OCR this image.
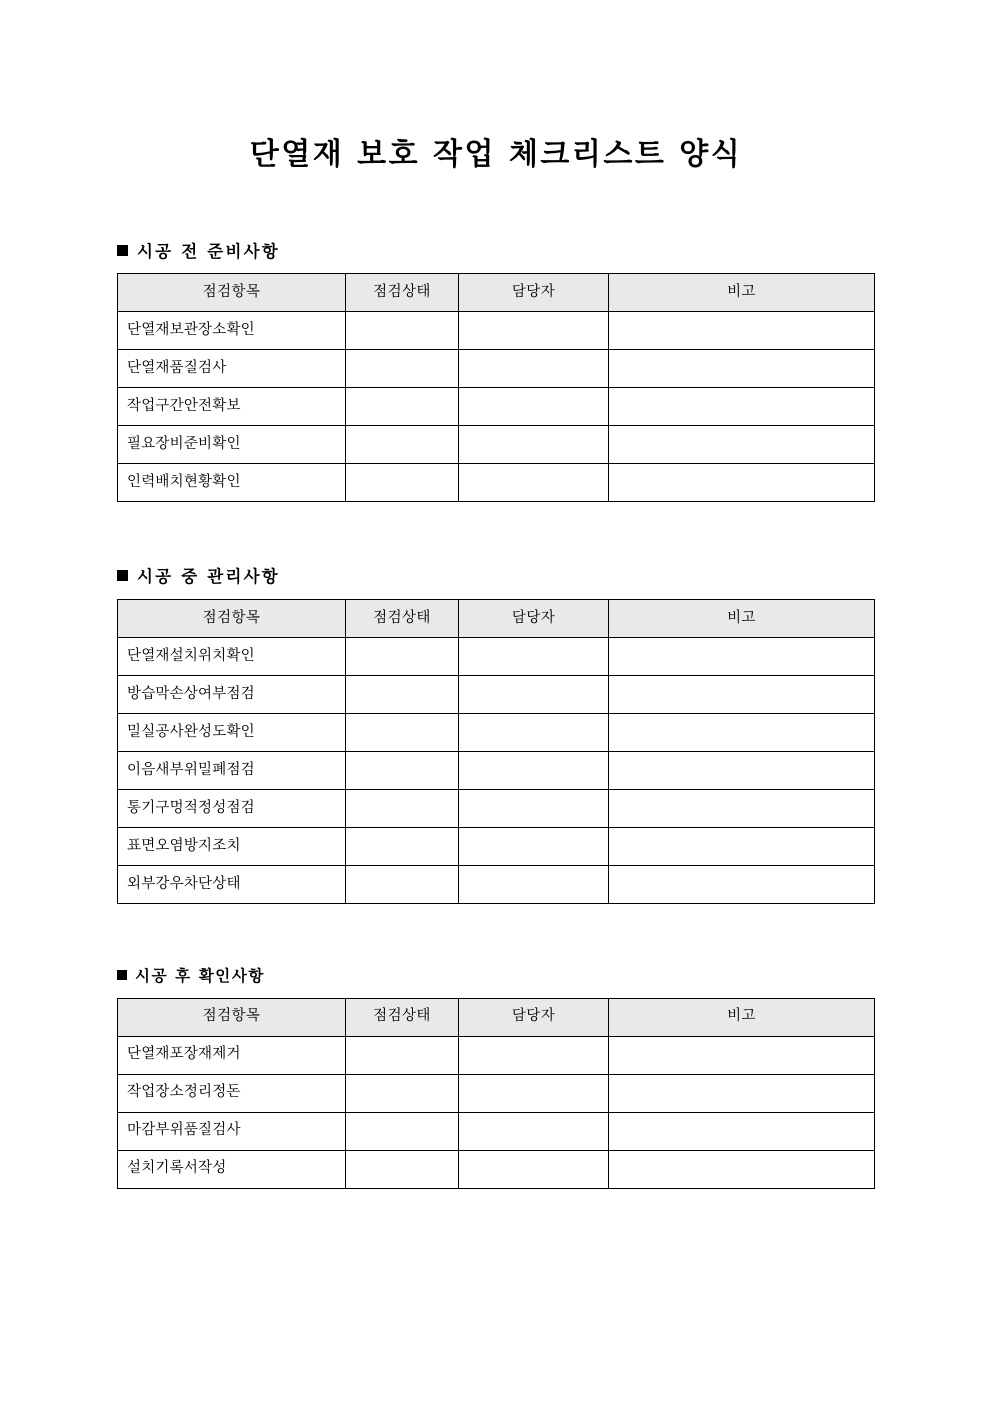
단열재 보호 작업 체크리스트 양식
시공 전 준비사항
점검항목	점검상태	담당자	비고
단열재보관장소확인			
단열재품질검사			
작업구간안전확보			
필요장비준비확인			
인력배치현황확인			
시공 중 관리사항
점검항목	점검상태	담당자	비고
단열재설치위치확인			
방습막손상여부점검			
밀실공사완성도확인			
이음새부위밀폐점검			
통기구멍적정성점검			
표면오염방지조치			
외부강우차단상태			
시공 후 확인사항
점검항목	점검상태	담당자	비고
단열재포장재제거			
작업장소정리정돈			
마감부위품질검사			
설치기록서작성			
